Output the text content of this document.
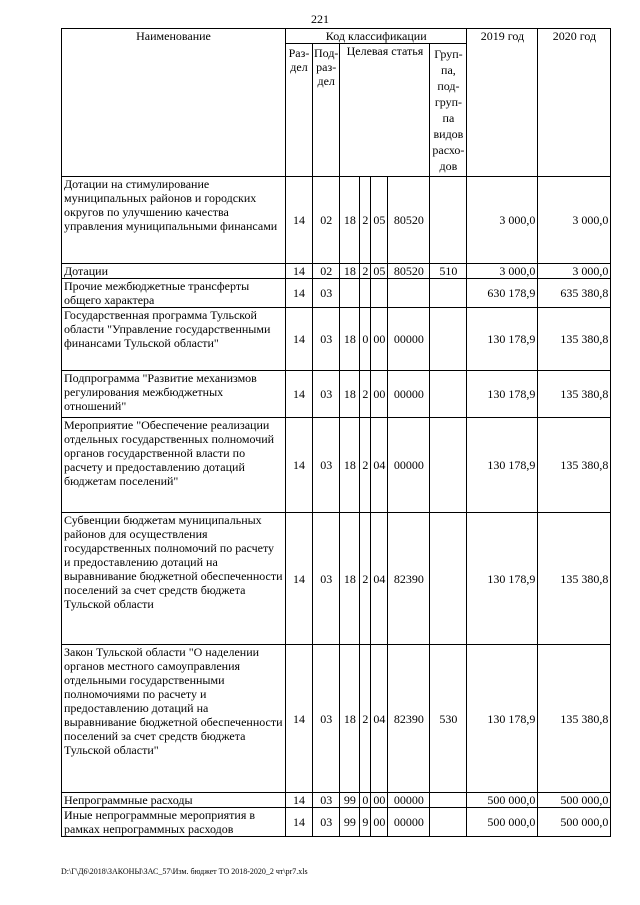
221
Наименование	Код классификации							2019 год	2020 год
	Раз-дел	Под-раз-дел	Целевая статья				Груп-па, под-груп-па видов расхо-дов		
Дотации на стимулирование муниципальных районов и городских округов по улучшению качества управления муниципальными финансами	14	02	18	2	05	80520		3 000,0	3 000,0
Дотации	14	02	18	2	05	80520	510	3 000,0	3 000,0
Прочие межбюджетные трансферты общего характера	14	03						630 178,9	635 380,8
Государственная программа Тульской области "Управление государственными финансами Тульской области"	14	03	18	0	00	00000		130 178,9	135 380,8
Подпрограмма "Развитие механизмов регулирования межбюджетных отношений"	14	03	18	2	00	00000		130 178,9	135 380,8
Мероприятие "Обеспечение реализации отдельных государственных полномочий органов государственной власти по расчету и предоставлению дотаций бюджетам поселений"	14	03	18	2	04	00000		130 178,9	135 380,8
Субвенции бюджетам муниципальных районов для осуществления государственных полномочий по расчету и предоставлению дотаций на выравнивание бюджетной обеспеченности поселений за счет средств бюджета Тульской области	14	03	18	2	04	82390		130 178,9	135 380,8
Закон Тульской области "О наделении органов местного самоуправления отдельными государственными полномочиями по расчету и предоставлению дотаций на выравнивание бюджетной обеспеченности поселений за счет средств бюджета Тульской области"	14	03	18	2	04	82390	530	130 178,9	135 380,8
Непрограммные расходы	14	03	99	0	00	00000		500 000,0	500 000,0
Иные непрограммные мероприятия в рамках непрограммных расходов	14	03	99	9	00	00000		500 000,0	500 000,0
D:\Г\Д6\2018\ЗАКОНЫ\ЗАС_57\Изм. бюджет ТО 2018-2020_2 чт\pr7.xls
